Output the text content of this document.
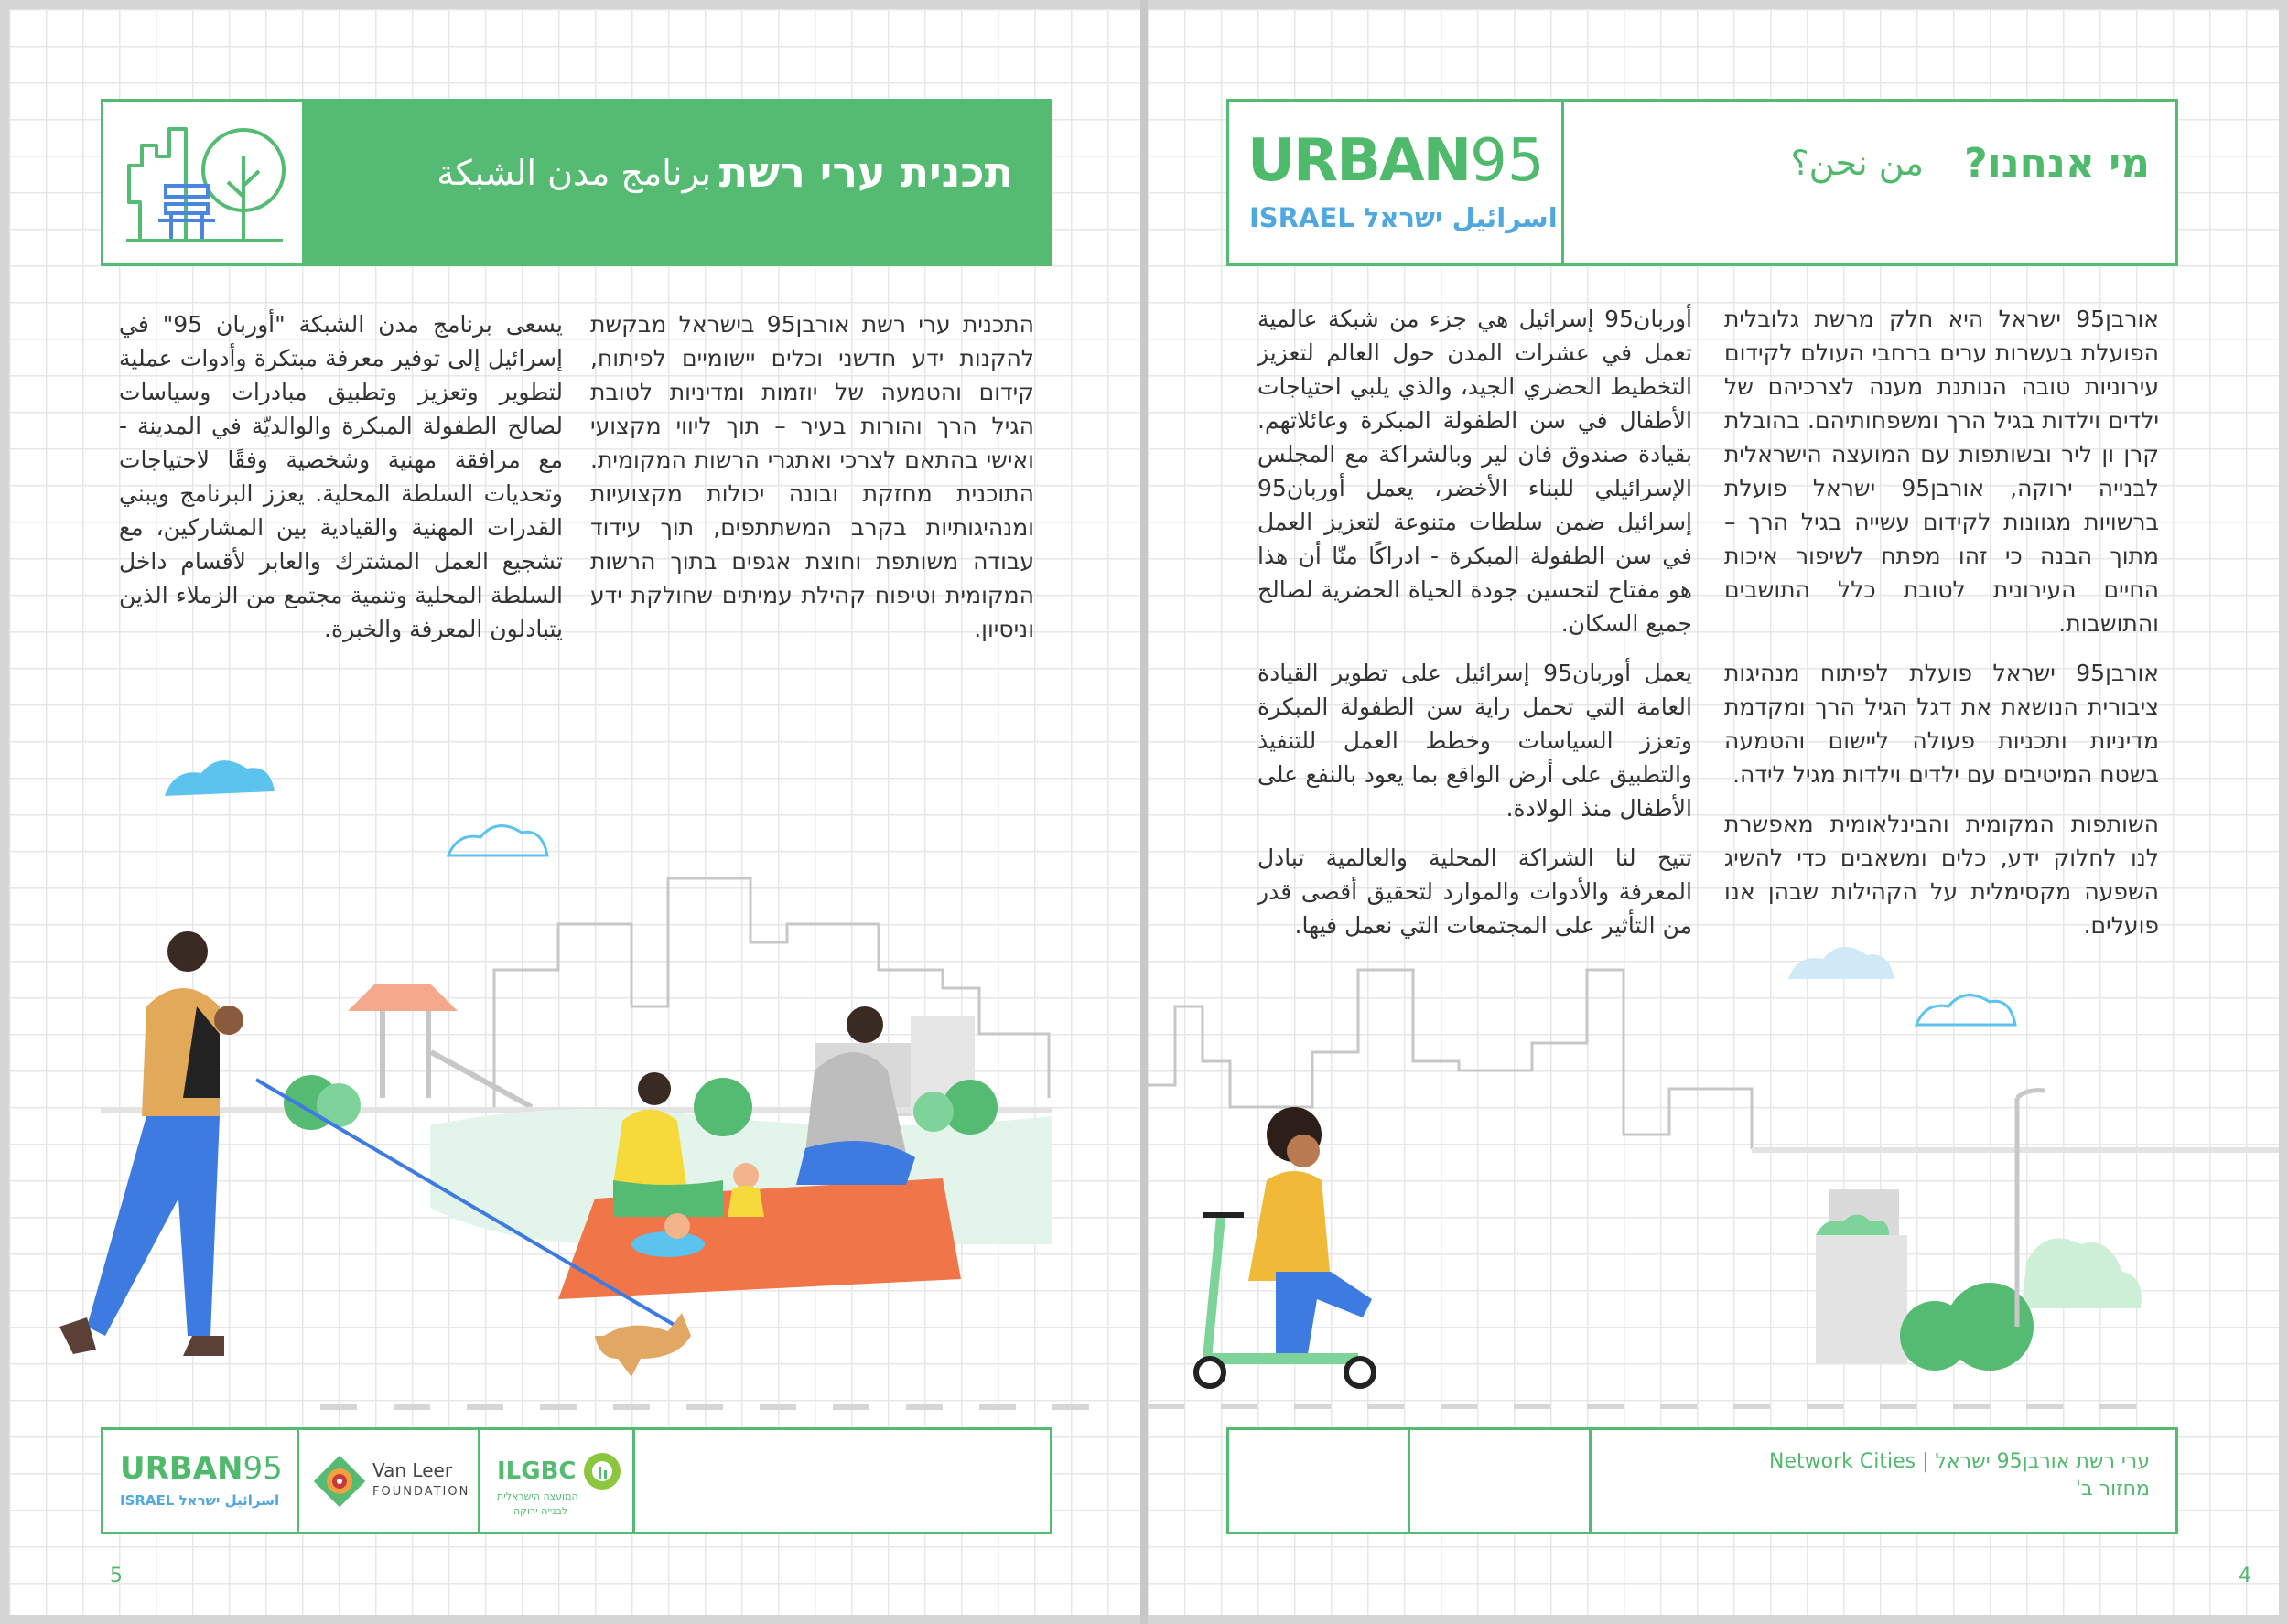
תכנית ערי רשת
برنامج مدن الشبكة

התכנית ערי רשת אורבן95 בישראל מבקשת להקנות ידע חדשני וכלים יישומיים לפיתוח, קידום והטמעה של יוזמות ומדיניות לטובת הגיל הרך והורות בעיר – תוך ליווי מקצועי ואישי בהתאם לצרכי ואתגרי הרשות המקומית. התוכנית מחזקת ובונה יכולות מקצועיות ומנהיגותיות בקרב המשתתפים, תוך עידוד עבודה משותפת וחוצת אגפים בתוך הרשות המקומית וטיפוח קהילת עמיתים שחולקת ידע וניסיון.

يسعى برنامج مدن الشبكة "أوربان 95" في إسرائيل إلى توفير معرفة مبتكرة وأدوات عملية لتطوير وتعزيز وتطبيق مبادرات وسياسات لصالح الطفولة المبكرة والوالديّة في المدينة - مع مرافقة مهنية وشخصية وفقًا لاحتياجات وتحديات السلطة المحلية. يعزز البرنامج ويبني القدرات المهنية والقيادية بين المشاركين، مع تشجيع العمل المشترك والعابر لأقسام داخل السلطة المحلية وتنمية مجتمع من الزملاء الذين يتبادلون المعرفة والخبرة.

URBAN95
ISRAEL اسرائيل ישראל
Van Leer
FOUNDATION
ILGBC
המועצה הישראלית
לבנייה ירוקה
5
URBAN95
ISRAEL اسرائيل ישראל
מי אנחנו?
من نحن؟

אורבן95 ישראל היא חלק מרשת גלובלית הפועלת בעשרות ערים ברחבי העולם לקידום עירוניות טובה הנותנת מענה לצרכיהם של ילדים וילדות בגיל הרך ומשפחותיהם. בהובלת קרן ון ליר ובשותפות עם המועצה הישראלית לבנייה ירוקה, אורבן95 ישראל פועלת ברשויות מגוונות לקידום עשייה בגיל הרך – מתוך הבנה כי זהו מפתח לשיפור איכות החיים העירונית לטובת כלל התושבים והתושבות.

אורבן95 ישראל פועלת לפיתוח מנהיגות ציבורית הנושאת את דגל הגיל הרך ומקדמת מדיניות ותכניות פעולה ליישום והטמעה בשטח המיטיבים עם ילדים וילדות מגיל לידה.

השותפות המקומית והבינלאומית מאפשרת לנו לחלוק ידע, כלים ומשאבים כדי להשיג השפעה מקסימלית על הקהילות שבהן אנו פועלים.

أوربان95 إسرائيل هي جزء من شبكة عالمية تعمل في عشرات المدن حول العالم لتعزيز التخطيط الحضري الجيد، والذي يلبي احتياجات الأطفال في سن الطفولة المبكرة وعائلاتهم. بقيادة صندوق فان لير وبالشراكة مع المجلس الإسرائيلي للبناء الأخضر، يعمل أوربان95 إسرائيل ضمن سلطات متنوعة لتعزيز العمل في سن الطفولة المبكرة - ادراكًا منّا أن هذا هو مفتاح لتحسين جودة الحياة الحضرية لصالح جميع السكان.

يعمل أوربان95 إسرائيل على تطوير القيادة العامة التي تحمل راية سن الطفولة المبكرة وتعزز السياسات وخطط العمل للتنفيذ والتطبيق على أرض الواقع بما يعود بالنفع على الأطفال منذ الولادة.

تتيح لنا الشراكة المحلية والعالمية تبادل المعرفة والأدوات والموارد لتحقيق أقصى قدر من التأثير على المجتمعات التي نعمل فيها.

ערי רשת אורבן95 ישראל | Network Cities
מחזור ב'
4
